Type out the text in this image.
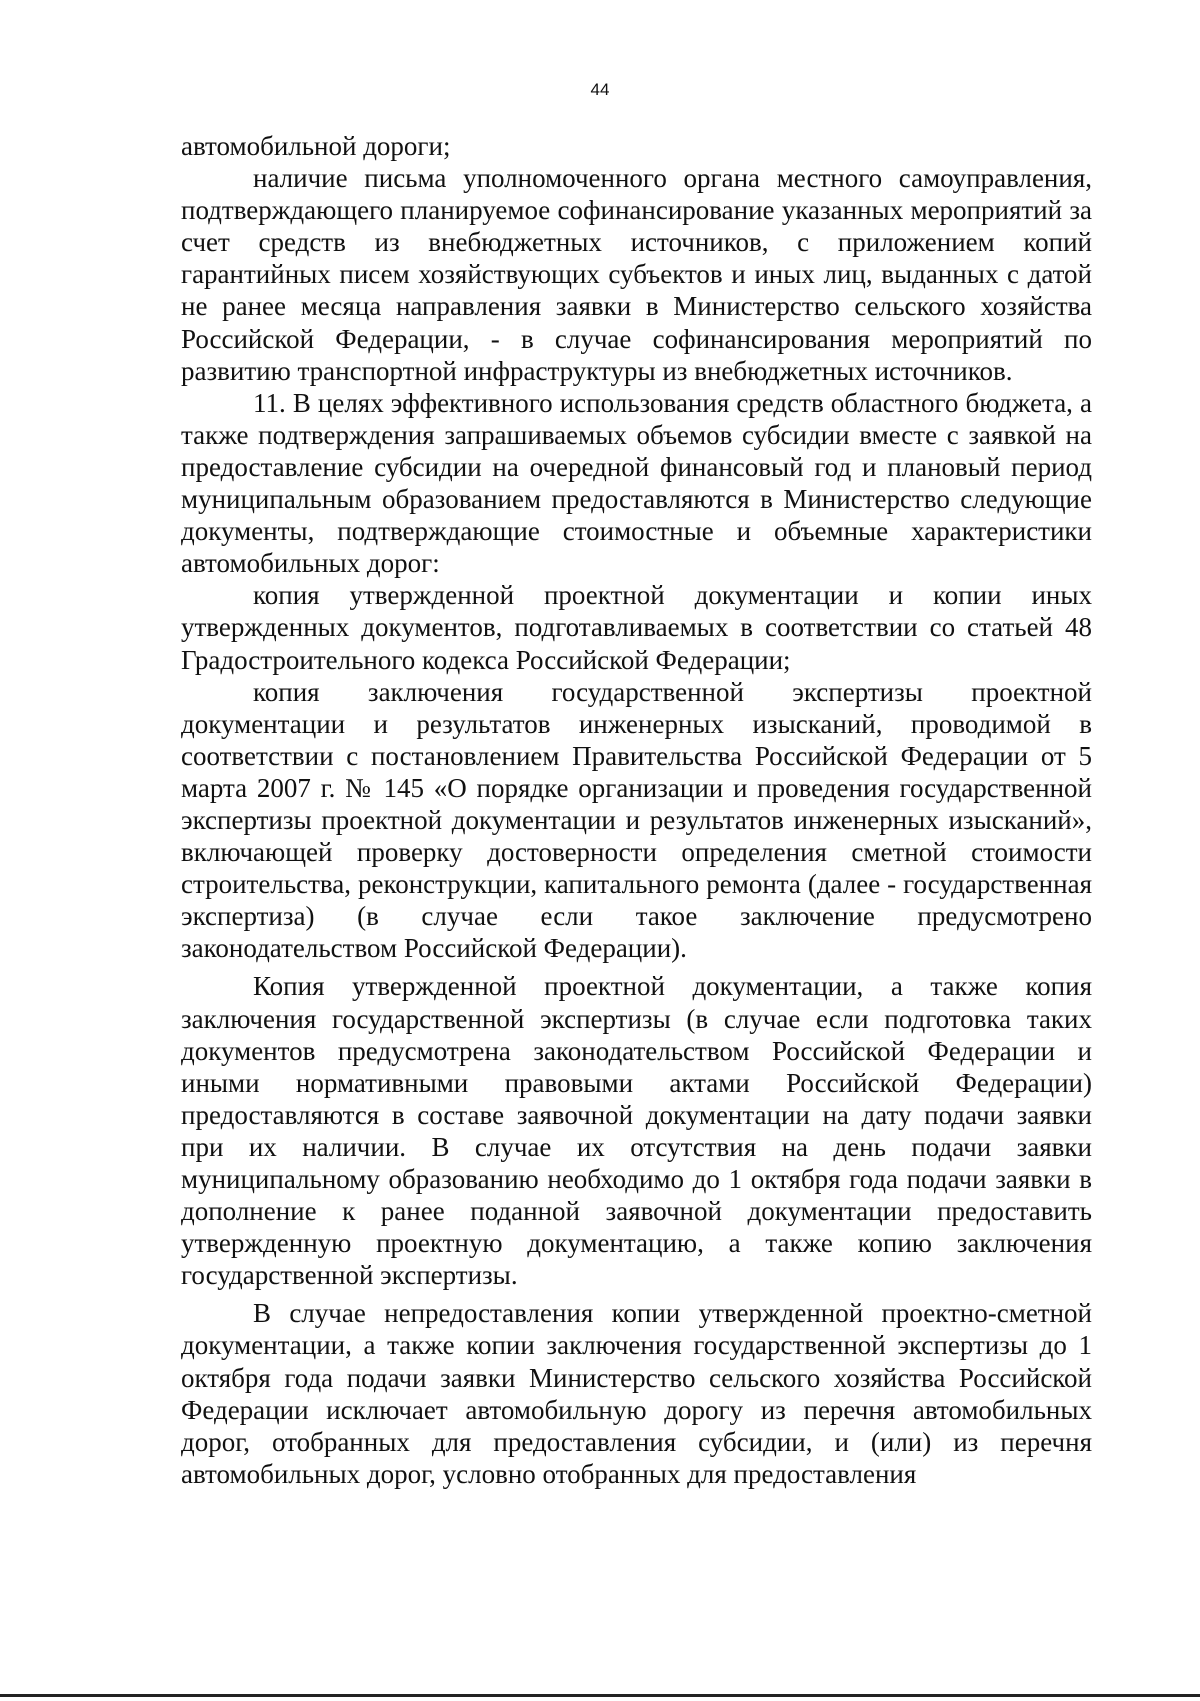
44

автомобильной дороги;

наличие письма уполномоченного органа местного самоуправления, подтверждающего планируемое софинансирование указанных мероприятий за счет средств из внебюджетных источников, с приложением копий гарантийных писем хозяйствующих субъектов и иных лиц, выданных с датой не ранее месяца направления заявки в Министерство сельского хозяйства Российской Федерации, - в случае софинансирования мероприятий по развитию транспортной инфраструктуры из внебюджетных источников.

11. В целях эффективного использования средств областного бюджета, а также подтверждения запрашиваемых объемов субсидии вместе с заявкой на предоставление субсидии на очередной финансовый год и плановый период муниципальным образованием предоставляются в Министерство следующие документы, подтверждающие стоимостные и объемные характеристики автомобильных дорог:

копия утвержденной проектной документации и копии иных утвержденных документов, подготавливаемых в соответствии со статьей 48 Градостроительного кодекса Российской Федерации;

копия заключения государственной экспертизы проектной документации и результатов инженерных изысканий, проводимой в соответствии с постановлением Правительства Российской Федерации от 5 марта 2007 г. № 145 «О порядке организации и проведения государственной экспертизы проектной документации и результатов инженерных изысканий», включающей проверку достоверности определения сметной стоимости строительства, реконструкции, капитального ремонта (далее - государственная экспертиза) (в случае если такое заключение предусмотрено законодательством Российской Федерации).

Копия утвержденной проектной документации, а также копия заключения государственной экспертизы (в случае если подготовка таких документов предусмотрена законодательством Российской Федерации и иными нормативными правовыми актами Российской Федерации) предоставляются в составе заявочной документации на дату подачи заявки при их наличии. В случае их отсутствия на день подачи заявки муниципальному образованию необходимо до 1 октября года подачи заявки в дополнение к ранее поданной заявочной документации предоставить утвержденную проектную документацию, а также копию заключения государственной экспертизы.

В случае непредоставления копии утвержденной проектно-сметной документации, а также копии заключения государственной экспертизы до 1 октября года подачи заявки Министерство сельского хозяйства Российской Федерации исключает автомобильную дорогу из перечня автомобильных дорог, отобранных для предоставления субсидии, и (или) из перечня автомобильных дорог, условно отобранных для предоставления
